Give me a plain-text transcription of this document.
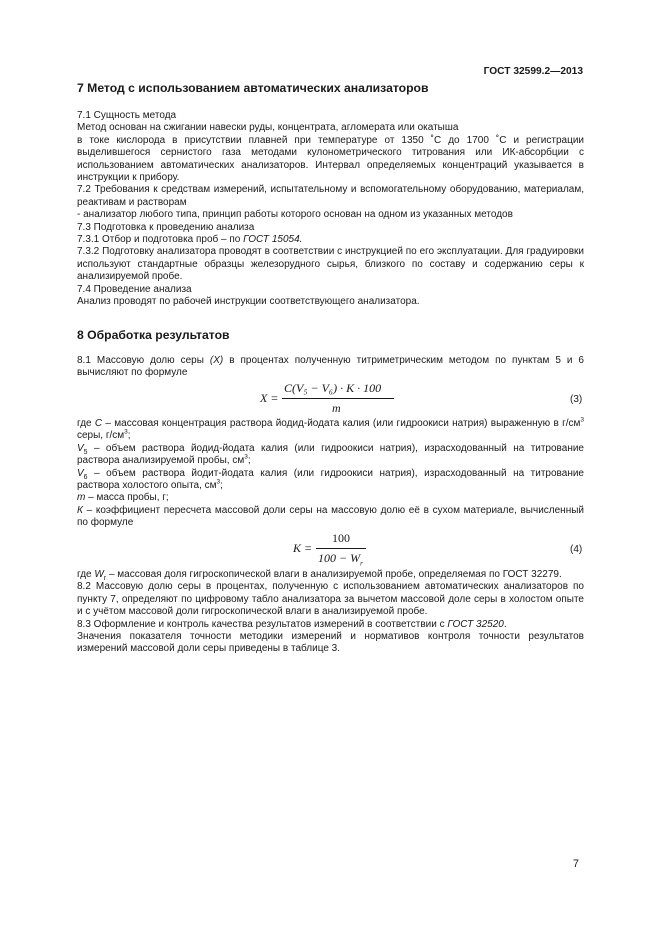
ГОСТ 32599.2—2013
7 Метод с использованием автоматических анализаторов

7.1 Сущность метода

Метод основан на сжигании навески руды, концентрата, агломерата или окатыша

в токе кислорода в присутствии плавней при температуре от 1350 ˚С до 1700 ˚С и регистрации выделившегося сернистого газа методами кулонометрического титрования или ИК-абсорбции с использованием автоматических анализаторов. Интервал определяемых концентраций указывается в инструкции к прибору.

7.2 Требования к средствам измерений, испытательному и вспомогательному оборудованию, материалам, реактивам и растворам

- анализатор любого типа, принцип работы которого основан на одном из указанных методов

7.3 Подготовка к проведению анализа

7.3.1 Отбор и подготовка проб – по ГОСТ 15054.

7.3.2 Подготовку анализатора проводят в соответствии с инструкцией по его эксплуатации. Для градуировки используют стандартные образцы железорудного сырья, близкого по составу и содержанию серы к анализируемой пробе.

7.4 Проведение анализа

Анализ проводят по рабочей инструкции соответствующего анализатора.

8 Обработка результатов

8.1 Массовую долю серы (X) в процентах полученную титриметрическим методом по пунктам 5 и 6 вычисляют по формуле

X =
C(V₅ − V₆) · K · 100
m
(3)

где С – массовая концентрация раствора йодид-йодата калия (или гидроокиси натрия) выраженную в $г/см^3$ серы, $г/см^3$;

$V_5$ – объем раствора йодид-йодата калия (или гидроокиси натрия), израсходованный на титрование раствора анализируемой пробы, $см^3$;

$V_6$ – объем раствора йодит-йодата калия (или гидроокиси натрия), израсходованный на титрование раствора холостого опыта, $см^3$;

m – масса пробы, г;

К – коэффициент пересчета массовой доли серы на массовую долю её в сухом материале, вычисленный по формуле

K =
100
$100 - W_r$
(4)

где $W_r$ – массовая доля гигроскопической влаги в анализируемой пробе, определяемая по ГОСТ 32279.

8.2 Массовую долю серы в процентах, полученную с использованием автоматических анализаторов по пункту 7, определяют по цифровому табло анализатора за вычетом массовой доле серы в холостом опыте и с учётом массовой доли гигроскопической влаги в анализируемой пробе.

8.3 Оформление и контроль качества результатов измерений в соответствии с ГОСТ 32520.

Значения показателя точности методики измерений и нормативов контроля точности результатов измерений массовой доли серы приведены в таблице 3.

7
